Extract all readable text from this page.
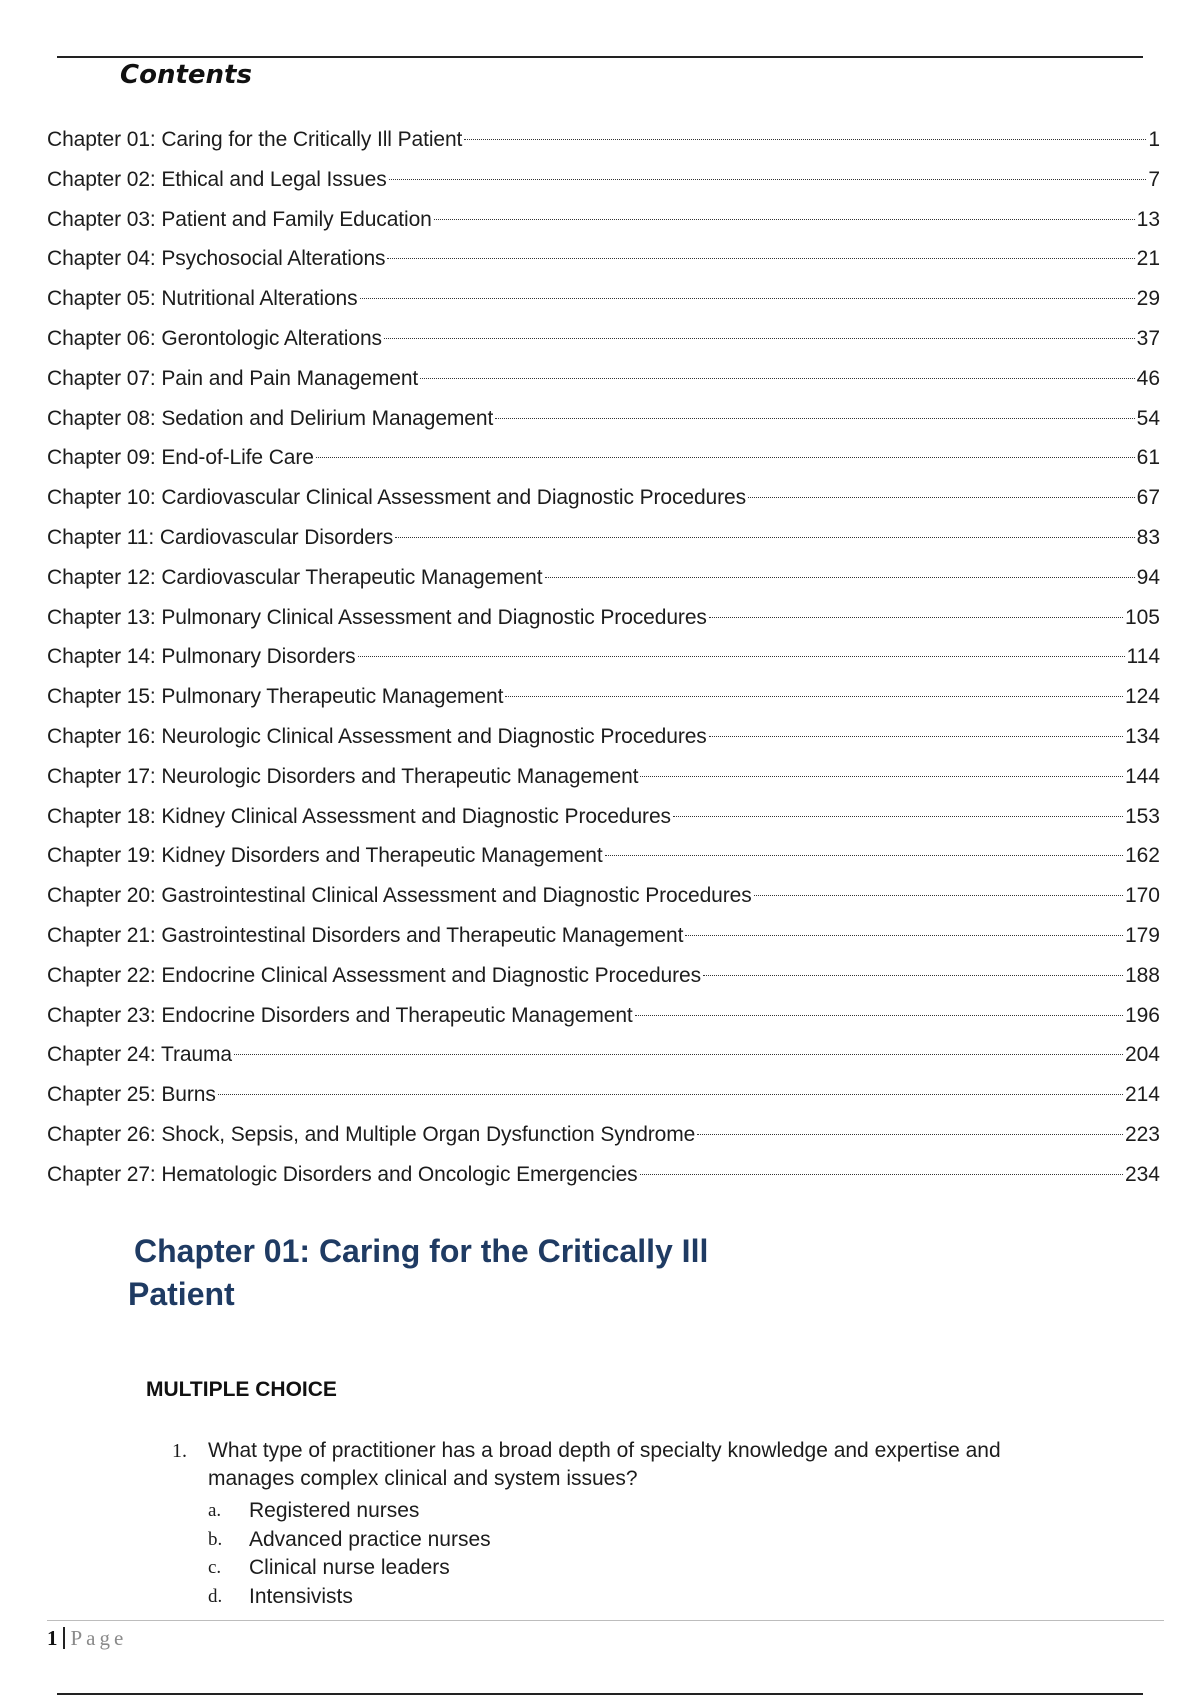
Contents
Chapter 01: Caring for the Critically Ill Patient	1
Chapter 02: Ethical and Legal Issues	7
Chapter 03: Patient and Family Education	13
Chapter 04: Psychosocial Alterations	21
Chapter 05: Nutritional Alterations	29
Chapter 06: Gerontologic Alterations	37
Chapter 07: Pain and Pain Management	46
Chapter 08: Sedation and Delirium Management	54
Chapter 09: End-of-Life Care	61
Chapter 10: Cardiovascular Clinical Assessment and Diagnostic Procedures	67
Chapter 11: Cardiovascular Disorders	83
Chapter 12: Cardiovascular Therapeutic Management	94
Chapter 13: Pulmonary Clinical Assessment and Diagnostic Procedures	105
Chapter 14: Pulmonary Disorders	114
Chapter 15: Pulmonary Therapeutic Management	124
Chapter 16: Neurologic Clinical Assessment and Diagnostic Procedures	134
Chapter 17: Neurologic Disorders and Therapeutic Management	144
Chapter 18: Kidney Clinical Assessment and Diagnostic Procedures	153
Chapter 19: Kidney Disorders and Therapeutic Management	162
Chapter 20: Gastrointestinal Clinical Assessment and Diagnostic Procedures	170
Chapter 21: Gastrointestinal Disorders and Therapeutic Management	179
Chapter 22: Endocrine Clinical Assessment and Diagnostic Procedures	188
Chapter 23: Endocrine Disorders and Therapeutic Management	196
Chapter 24: Trauma	204
Chapter 25: Burns	214
Chapter 26: Shock, Sepsis, and Multiple Organ Dysfunction Syndrome	223
Chapter 27: Hematologic Disorders and Oncologic Emergencies	234
Chapter 01: Caring for the Critically Ill
Patient
MULTIPLE CHOICE
1.	What type of practitioner has a broad depth of specialty knowledge and expertise and manages complex clinical and system issues?
a.	Registered nurses
b.	Advanced practice nurses
c.	Clinical nurse leaders
d.	Intensivists
1 Page
